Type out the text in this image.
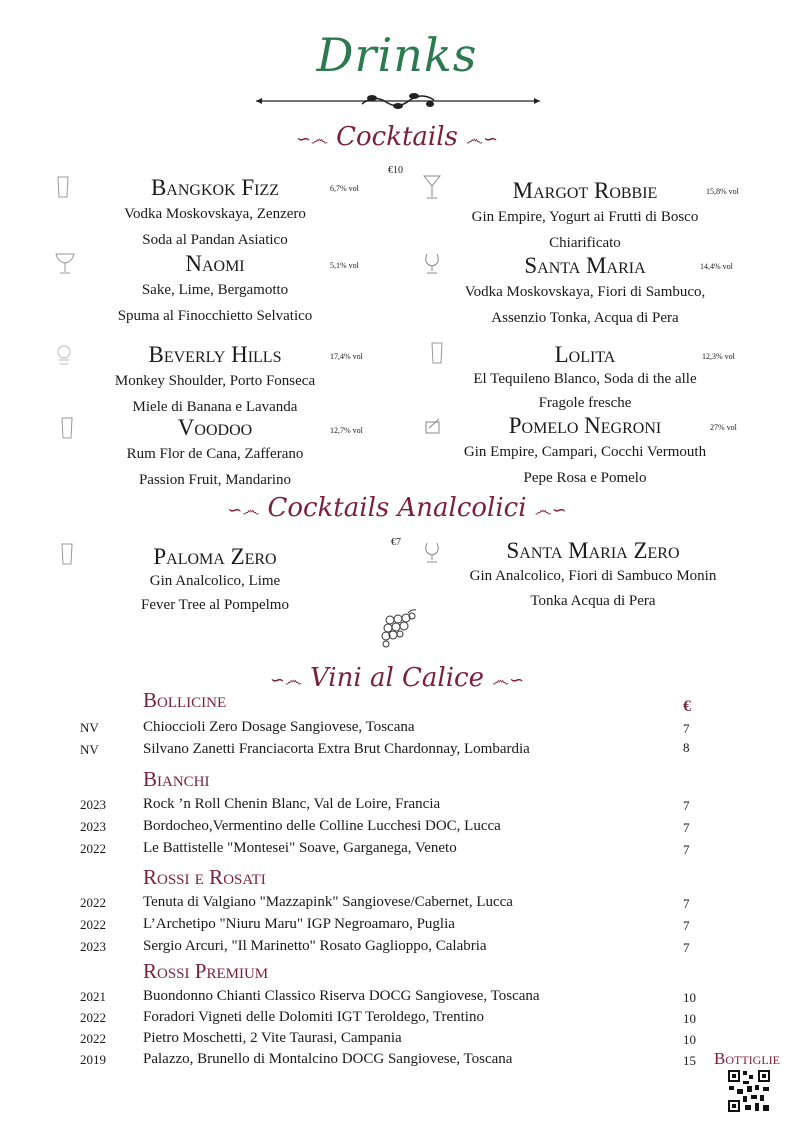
Drinks
∽෴ Cocktails ෴∽
€10
Bangkok Fizz
Vodka Moskovskaya, Zenzero
Soda al Pandan Asiatico
6,7% vol
Naomi
Sake, Lime, Bergamotto
Spuma al Finocchietto Selvatico
5,1% vol
Beverly Hills
Monkey Shoulder, Porto Fonseca
Miele di Banana e Lavanda
17,4% vol
Voodoo
Rum Flor de Cana, Zafferano
Passion Fruit, Mandarino
12,7% vol
Margot Robbie
Gin Empire, Yogurt ai Frutti di Bosco
Chiarificato
15,8% vol
Santa Maria
Vodka Moskovskaya, Fiori di Sambuco,
Assenzio Tonka, Acqua di Pera
14,4% vol
Lolita
El Tequileno Blanco, Soda di the alle
Fragole fresche
12,3% vol
Pomelo Negroni
Gin Empire, Campari, Cocchi Vermouth
Pepe Rosa e Pomelo
27% vol
∽෴ Cocktails Analcolici ෴∽
€7
Paloma Zero
Gin Analcolico, Lime
Fever Tree al Pompelmo
Santa Maria Zero
Gin Analcolico, Fiori di Sambuco Monin
Tonka Acqua di Pera
∽෴ Vini al Calice ෴∽
€
Bollicine
NV	Chioccioli Zero Dosage Sangiovese, Toscana	7
NV	Silvano Zanetti Franciacorta Extra Brut Chardonnay, Lombardia	8
Bianchi
2023 Rock ’n Roll Chenin Blanc, Val de Loire, Francia	7
2023 Bordocheo,Vermentino delle Colline Lucchesi DOC, Lucca	7
2022 Le Battistelle "Montesei" Soave, Garganega, Veneto	7
Rossi e Rosati
2022 Tenuta di Valgiano "Mazzapink" Sangiovese/Cabernet, Lucca	7
2022 L’Archetipo "Niuru Maru" IGP Negroamaro, Puglia	7
2023 Sergio Arcuri, "Il Marinetto" Rosato Gaglioppo, Calabria	7
Rossi Premium
2021 Buondonno Chianti Classico Riserva DOCG Sangiovese, Toscana	10
2022 Foradori Vigneti delle Dolomiti IGT Teroldego, Trentino	10
2022 Pietro Moschetti, 2 Vite Taurasi, Campania	10
2019 Palazzo, Brunello di Montalcino DOCG Sangiovese, Toscana	15 Bottiglie
